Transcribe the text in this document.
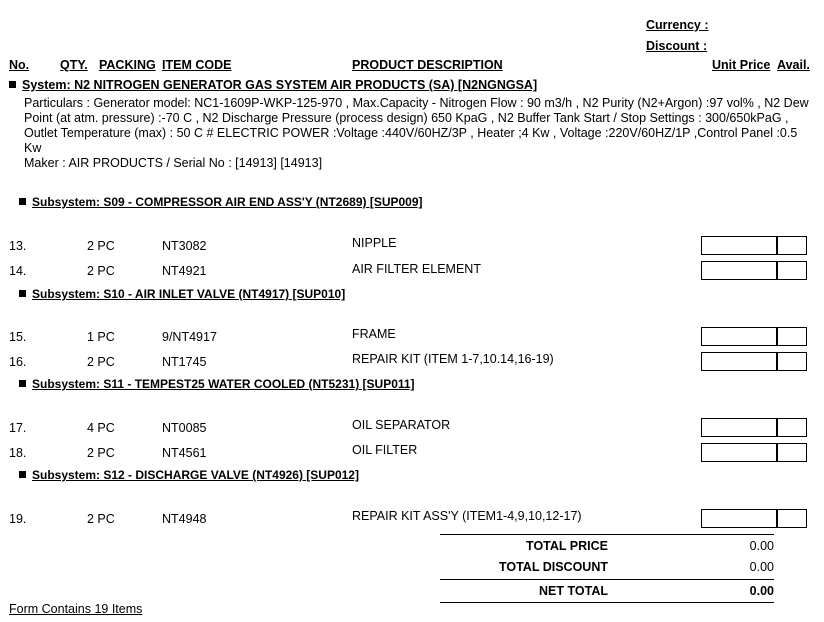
Currency :
Discount :
No. QTY. PACKING ITEM CODE	PRODUCT DESCRIPTION	Unit Price Avail.
System: N2 NITROGEN GENERATOR GAS SYSTEM AIR PRODUCTS (SA) [N2NGNGSA]
Particulars : Generator model: NC1-1609P-WKP-125-970 , Max.Capacity - Nitrogen Flow : 90 m3/h , N2 Purity (N2+Argon) :97 vol% , N2 Dew Point (at atm. pressure) :-70 C , N2 Discharge Pressure (process design) 650 KpaG , N2 Buffer Tank Start / Stop Settings : 300/650kPaG , Outlet Temperature (max) : 50 C # ELECTRIC POWER :Voltage :440V/60HZ/3P , Heater ;4 Kw , Voltage :220V/60HZ/1P ,Control Panel :0.5 Kw
Maker : AIR PRODUCTS / Serial No : [14913] [14913]
Subsystem: S09 - COMPRESSOR AIR END ASS'Y (NT2689) [SUP009]
13.	2 PC	NT3082	NIPPLE
14.	2 PC	NT4921	AIR FILTER ELEMENT
Subsystem: S10 - AIR INLET VALVE (NT4917) [SUP010]
15.	1 PC	9/NT4917	FRAME
16.	2 PC	NT1745	REPAIR KIT (ITEM 1-7,10.14,16-19)
Subsystem: S11 - TEMPEST25 WATER COOLED (NT5231) [SUP011]
17.	4 PC	NT0085	OIL SEPARATOR
18.	2 PC	NT4561	OIL FILTER
Subsystem: S12 - DISCHARGE VALVE (NT4926) [SUP012]
19.	2 PC	NT4948	REPAIR KIT ASS'Y (ITEM1-4,9,10,12-17)
TOTAL PRICE	0.00
TOTAL DISCOUNT	0.00
NET TOTAL	0.00
Form Contains 19 Items
